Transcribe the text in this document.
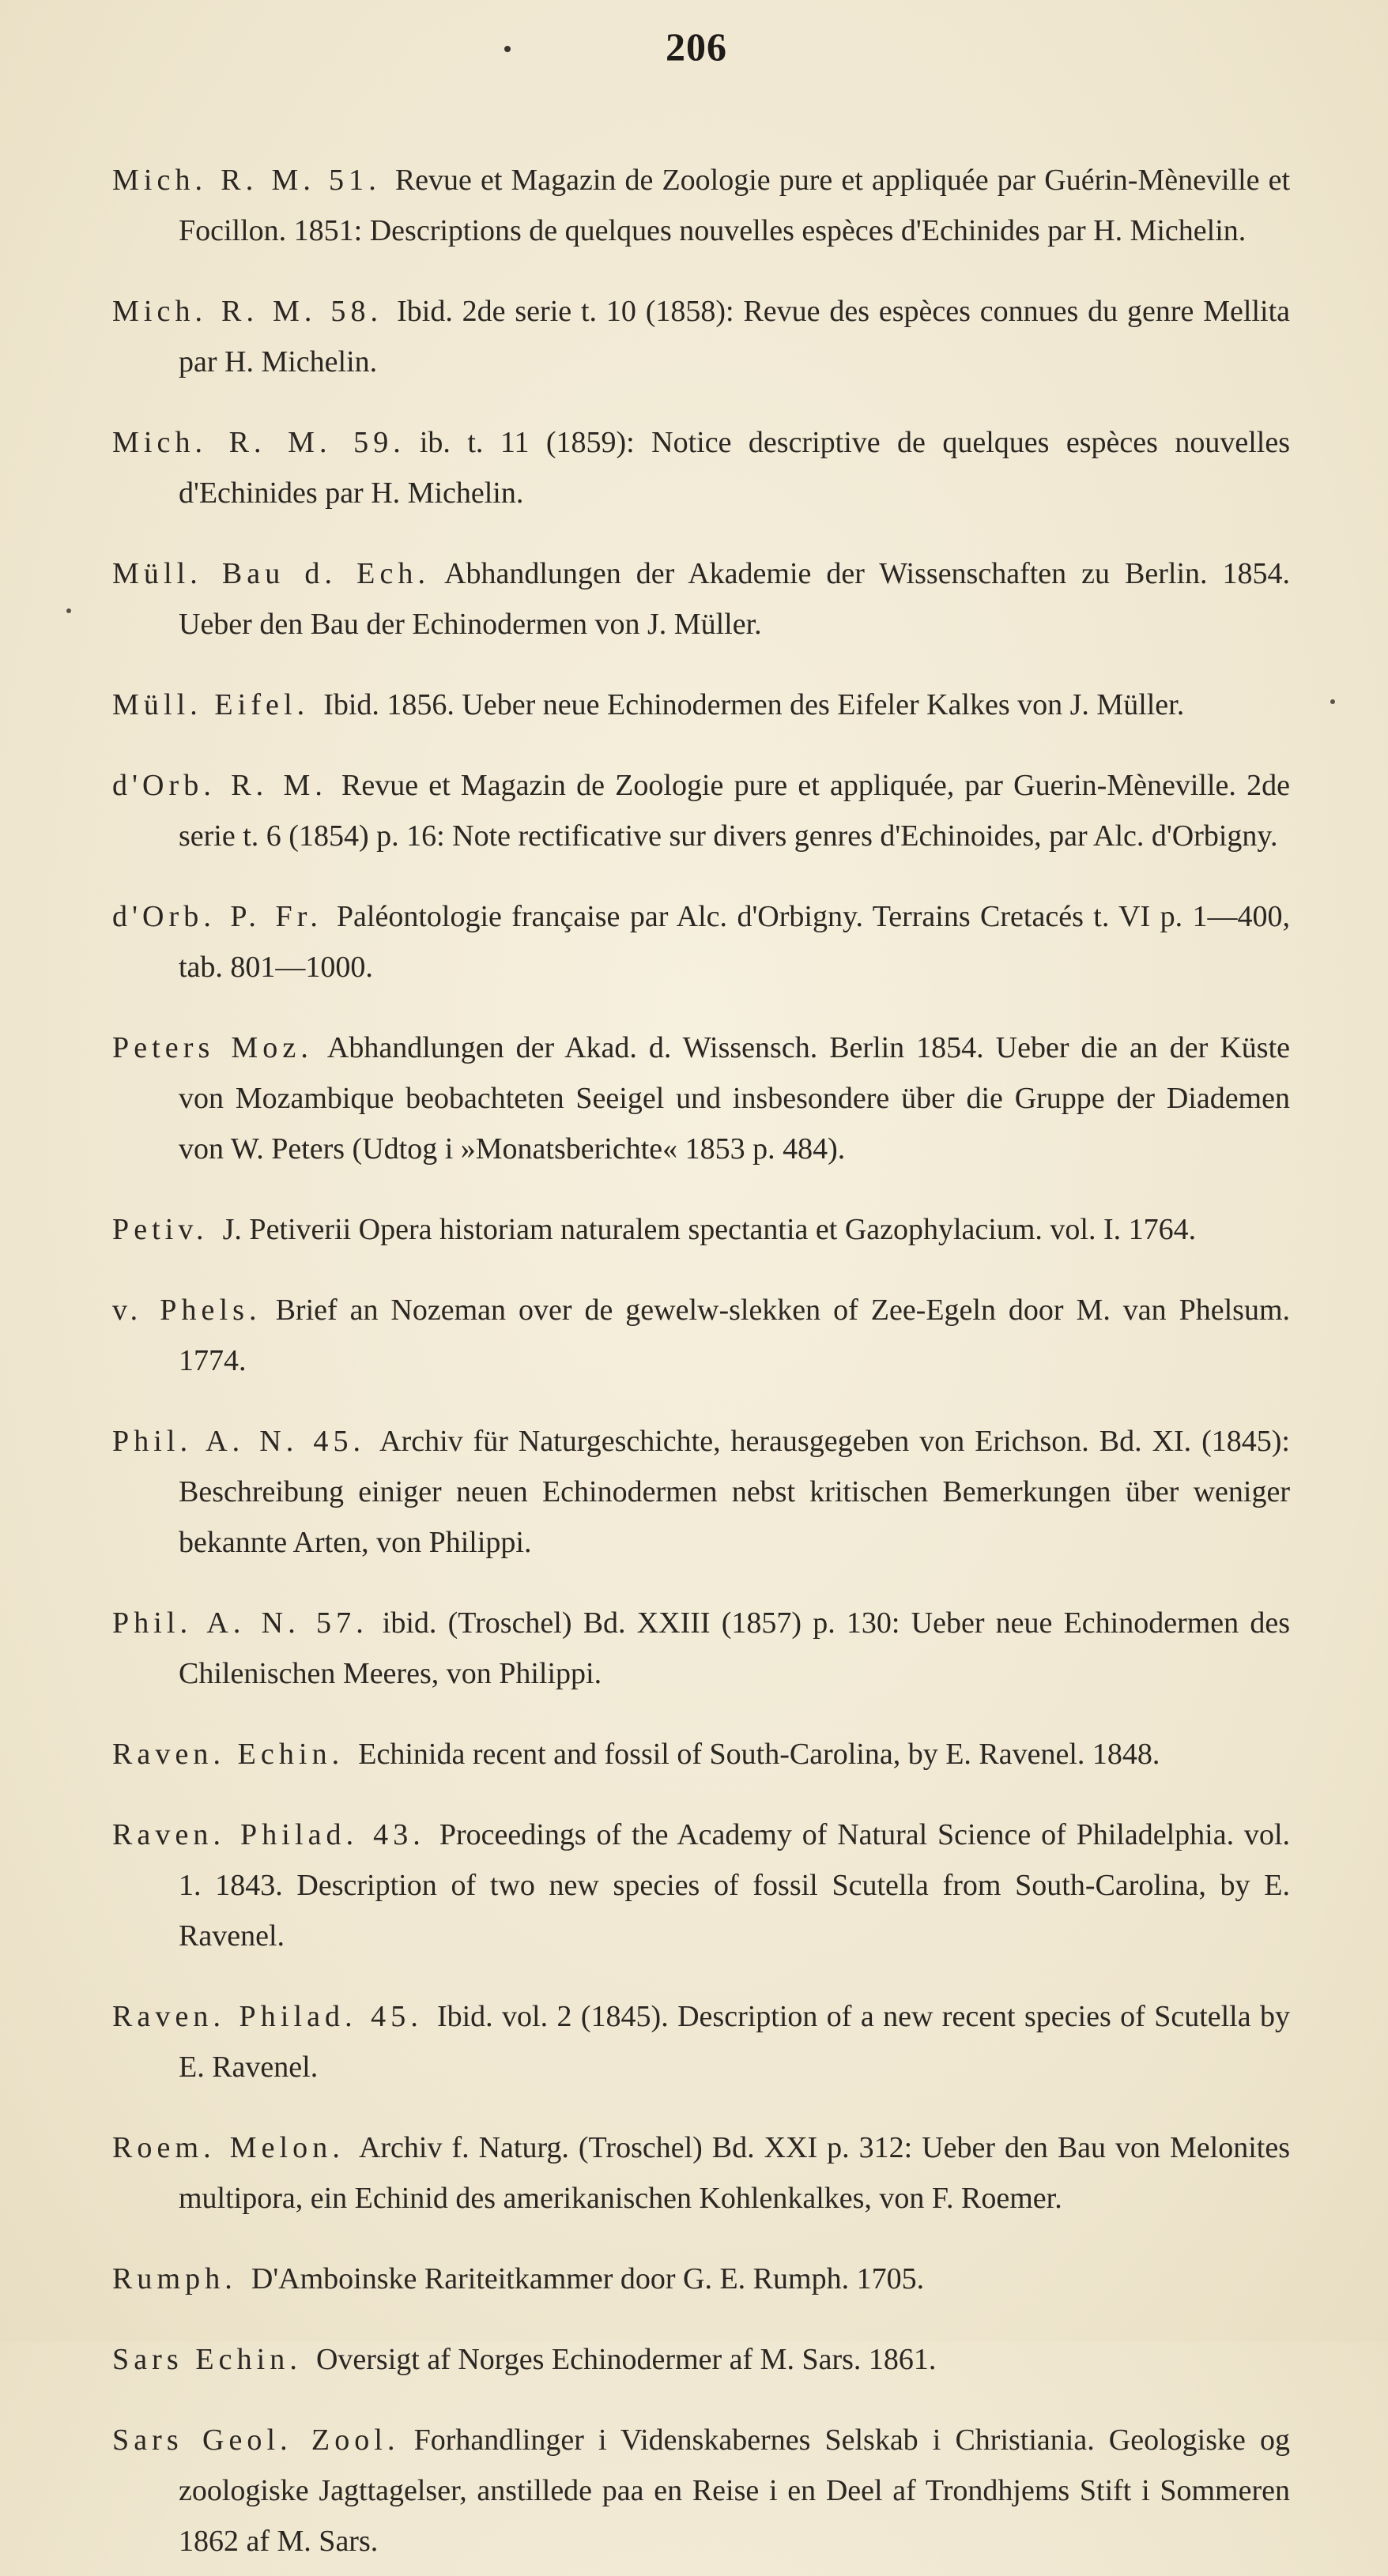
206

Mich. R. M. 51. Revue et Magazin de Zoologie pure et appliquée par Guérin-Mèneville et Focillon. 1851: Descriptions de quelques nouvelles espèces d'Echinides par H. Michelin.

Mich. R. M. 58. Ibid. 2de serie t. 10 (1858): Revue des espèces connues du genre Mellita par H. Michelin.

Mich. R. M. 59. ib. t. 11 (1859): Notice descriptive de quelques espèces nouvelles d'Echinides par H. Michelin.

Müll. Bau d. Ech. Abhandlungen der Akademie der Wissenschaften zu Berlin. 1854. Ueber den Bau der Echinodermen von J. Müller.

Müll. Eifel. Ibid. 1856. Ueber neue Echinodermen des Eifeler Kalkes von J. Müller.

d'Orb. R. M. Revue et Magazin de Zoologie pure et appliquée, par Guerin-Mèneville. 2de serie t. 6 (1854) p. 16: Note rectificative sur divers genres d'Echinoides, par Alc. d'Orbigny.

d'Orb. P. Fr. Paléontologie française par Alc. d'Orbigny. Terrains Cretacés t. VI p. 1—400, tab. 801—1000.

Peters Moz. Abhandlungen der Akad. d. Wissensch. Berlin 1854. Ueber die an der Küste von Mozambique beobachteten Seeigel und insbesondere über die Gruppe der Diademen von W. Peters (Udtog i »Monatsberichte« 1853 p. 484).

Petiv. J. Petiverii Opera historiam naturalem spectantia et Gazophylacium. vol. I. 1764.

v. Phels. Brief an Nozeman over de gewelw-slekken of Zee-Egeln door M. van Phelsum. 1774.

Phil. A. N. 45. Archiv für Naturgeschichte, herausgegeben von Erichson. Bd. XI. (1845): Beschreibung einiger neuen Echinodermen nebst kritischen Bemerkungen über weniger bekannte Arten, von Philippi.

Phil. A. N. 57. ibid. (Troschel) Bd. XXIII (1857) p. 130: Ueber neue Echinodermen des Chilenischen Meeres, von Philippi.

Raven. Echin. Echinida recent and fossil of South-Carolina, by E. Ravenel. 1848.

Raven. Philad. 43. Proceedings of the Academy of Natural Science of Philadelphia. vol. 1. 1843. Description of two new species of fossil Scutella from South-Carolina, by E. Ravenel.

Raven. Philad. 45. Ibid. vol. 2 (1845). Description of a new recent species of Scutella by E. Ravenel.

Roem. Melon. Archiv f. Naturg. (Troschel) Bd. XXI p. 312: Ueber den Bau von Melonites multipora, ein Echinid des amerikanischen Kohlenkalkes, von F. Roemer.

Rumph. D'Amboinske Rariteitkammer door G. E. Rumph. 1705.

Sars Echin. Oversigt af Norges Echinodermer af M. Sars. 1861.

Sars Geol. Zool. Forhandlinger i Videnskabernes Selskab i Christiania. Geologiske og zoologiske Jagttagelser, anstillede paa en Reise i en Deel af Trondhjems Stift i Sommeren 1862 af M. Sars.
